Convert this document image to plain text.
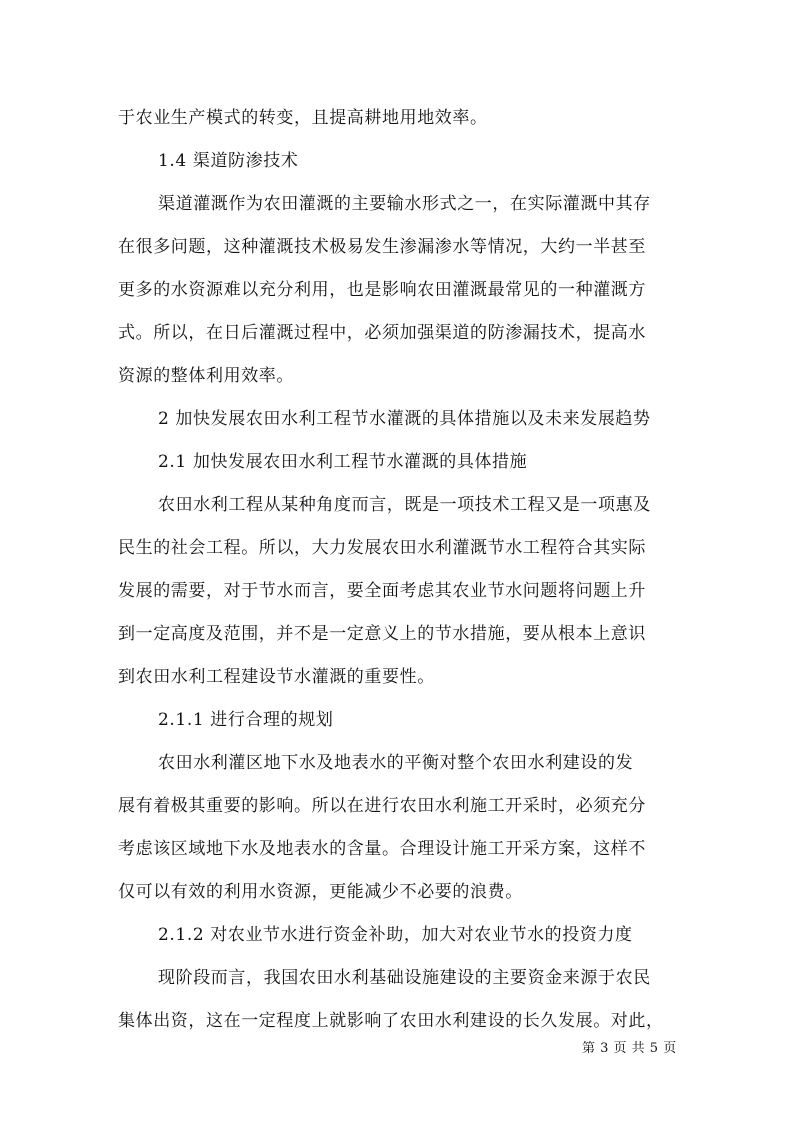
于农业生产模式的转变，且提高耕地用地效率。
1.4 渠道防渗技术
渠道灌溉作为农田灌溉的主要输水形式之一，在实际灌溉中其存
在很多问题，这种灌溉技术极易发生渗漏渗水等情况，大约一半甚至
更多的水资源难以充分利用，也是影响农田灌溉最常见的一种灌溉方
式。所以，在日后灌溉过程中，必须加强渠道的防渗漏技术，提高水
资源的整体利用效率。
2 加快发展农田水利工程节水灌溉的具体措施以及未来发展趋势
2.1 加快发展农田水利工程节水灌溉的具体措施
农田水利工程从某种角度而言，既是一项技术工程又是一项惠及
民生的社会工程。所以，大力发展农田水利灌溉节水工程符合其实际
发展的需要，对于节水而言，要全面考虑其农业节水问题将问题上升
到一定高度及范围，并不是一定意义上的节水措施，要从根本上意识
到农田水利工程建设节水灌溉的重要性。
2.1.1 进行合理的规划
农田水利灌区地下水及地表水的平衡对整个农田水利建设的发
展有着极其重要的影响。所以在进行农田水利施工开采时，必须充分
考虑该区域地下水及地表水的含量。合理设计施工开采方案，这样不
仅可以有效的利用水资源，更能减少不必要的浪费。
2.1.2 对农业节水进行资金补助，加大对农业节水的投资力度
现阶段而言，我国农田水利基础设施建设的主要资金来源于农民
集体出资，这在一定程度上就影响了农田水利建设的长久发展。对此，
第 3 页 共 5 页
